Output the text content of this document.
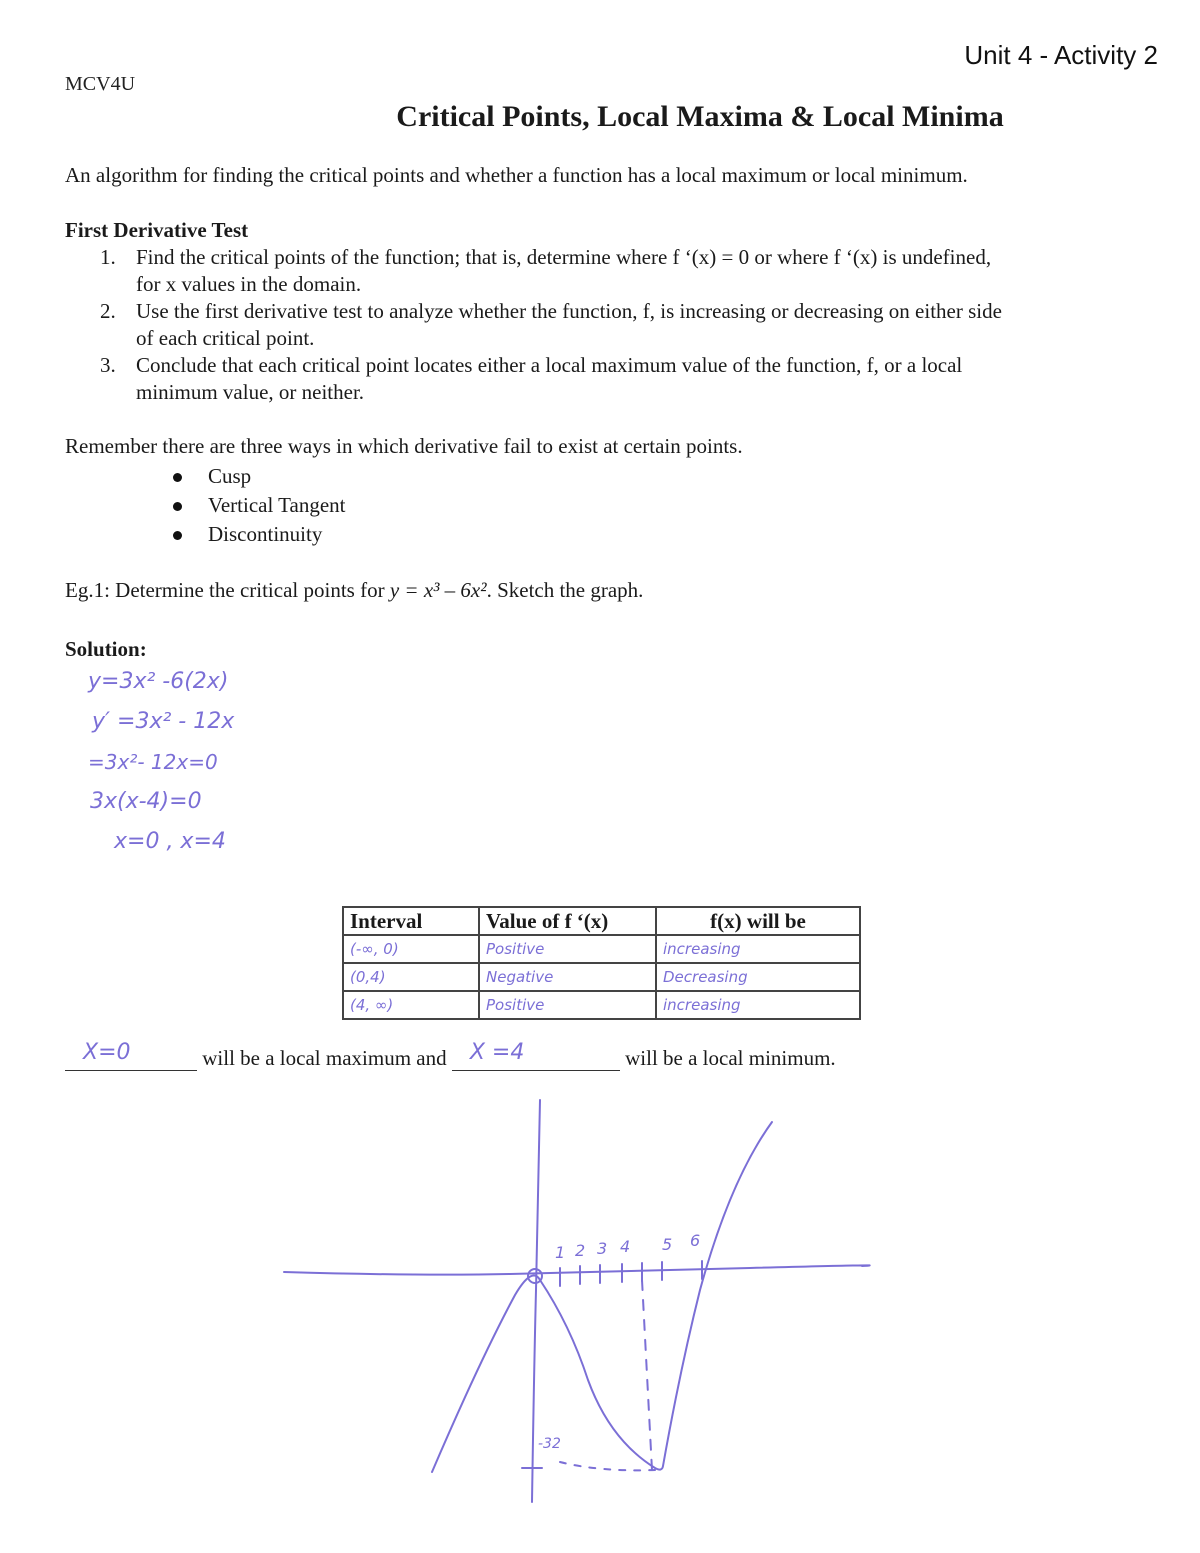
Unit 4 - Activity 2
MCV4U
Critical Points, Local Maxima & Local Minima
An algorithm for finding the critical points and whether a function has a local maximum or local minimum.
First Derivative Test
1. Find the critical points of the function; that is, determine where f ‘(x) = 0 or where f ‘(x) is undefined,
for x values in the domain.
2. Use the first derivative test to analyze whether the function, f, is increasing or decreasing on either side
of each critical point.
3. Conclude that each critical point locates either a local maximum value of the function, f, or a local
minimum value, or neither.
Remember there are three ways in which derivative fail to exist at certain points.
Cusp
Vertical Tangent
Discontinuity
Eg.1: Determine the critical points for y = x³ – 6x². Sketch the graph.
Solution:
y=3x² -6(2x)
y′ =3x² - 12x
=3x²- 12x=0
3x(x-4)=0
x=0 , x=4
Interval	Value of f ‘(x)	f(x) will be
(-∞, 0)	Positive	increasing
(0,4)	Negative	Decreasing
(4, ∞)	Positive	increasing
X=0	will be a local maximum and X =4	will be a local minimum.
1 2 3 4 5 6
-32
